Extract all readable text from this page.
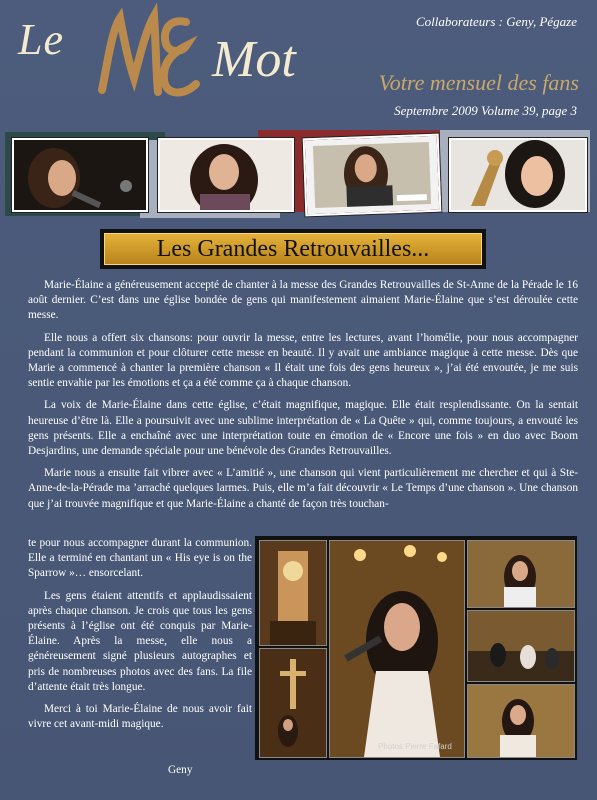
Le	Mot
Collaborateurs : Geny, Pégaze
Votre mensuel des fans
Septembre 2009 Volume 39, page 3
Les Grandes Retrouvailles...

Marie-Élaine a généreusement accepté de chanter à la messe des Grandes Retrouvailles de St-Anne de la Pérade le 16 août dernier. C’est dans une église bondée de gens qui manifestement aimaient Marie-Élaine que s’est déroulée cette messe.

Elle nous a offert six chansons: pour ouvrir la messe, entre les lectures, avant l’homélie, pour nous accompagner pendant la communion et pour clôturer cette messe en beauté. Il y avait une ambiance magique à cette messe. Dès que Marie a commencé à chanter la première chanson « Il était une fois des gens heureux », j’ai été envoutée, je me suis sentie envahie par les émotions et ça a été comme ça à chaque chanson.

La voix de Marie-Élaine dans cette église, c’était magnifique, magique. Elle était resplendissante. On la sentait heureuse d’être là. Elle a poursuivit avec une sublime interprétation de « La Quête » qui, comme toujours, a envouté les gens présents. Elle a enchaîné avec une interprétation toute en émotion de « Encore une fois » en duo avec Boom Desjardins, une demande spéciale pour une bénévole des Grandes Retrouvailles.

Marie nous a ensuite fait vibrer avec « L’amitié », une chanson qui vient particulièrement me chercher et qui à Ste-Anne-de-la-Pérade ma ’arraché quelques larmes. Puis, elle m’a fait découvrir « Le Temps d’une chanson ». Une chanson que j’ai trouvée magnifique et que Marie-Élaine a chanté de façon très touchan-

te pour nous accompagner durant la communion. Elle a terminé en chantant un « His eye is on the Sparrow »… ensorcelant.

Les gens étaient attentifs et applaudissaient après chaque chanson. Je crois que tous les gens présents à l’église ont été conquis par Marie-Élaine. Après la messe, elle nous a généreusement signé plusieurs autographes et pris de nombreuses photos avec des fans. La file d’attente était très longue.

Merci à toi Marie-Élaine de nous avoir fait vivre cet avant-midi magique.

Geny
Photos Pierre Fafard
